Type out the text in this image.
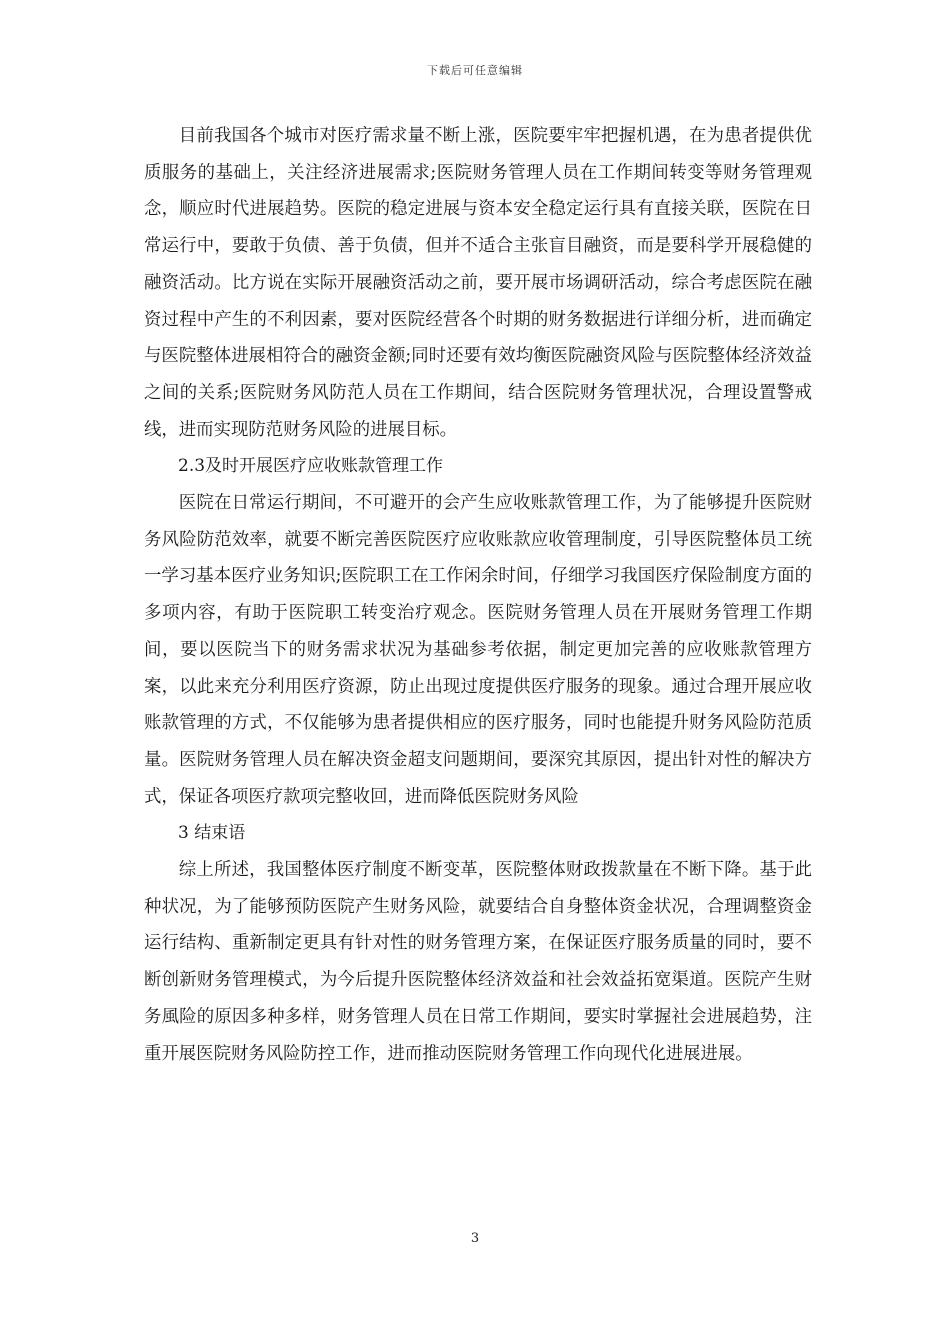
下载后可任意编辑

目前我国各个城市对医疗需求量不断上涨，医院要牢牢把握机遇，在为患者提供优质服务的基础上，关注经济进展需求;医院财务管理人员在工作期间转变等财务管理观念，顺应时代进展趋势。医院的稳定进展与资本安全稳定运行具有直接关联，医院在日常运行中，要敢于负债、善于负债，但并不适合主张盲目融资，而是要科学开展稳健的融资活动。比方说在实际开展融资活动之前，要开展市场调研活动，综合考虑医院在融资过程中产生的不利因素，要对医院经营各个时期的财务数据进行详细分析，进而确定与医院整体进展相符合的融资金额;同时还要有效均衡医院融资风险与医院整体经济效益之间的关系;医院财务风防范人员在工作期间，结合医院财务管理状况，合理设置警戒线，进而实现防范财务风险的进展目标。

2.3及时开展医疗应收账款管理工作

医院在日常运行期间，不可避开的会产生应收账款管理工作，为了能够提升医院财务风险防范效率，就要不断完善医院医疗应收账款应收管理制度，引导医院整体员工统一学习基本医疗业务知识;医院职工在工作闲余时间，仔细学习我国医疗保险制度方面的多项内容，有助于医院职工转变治疗观念。医院财务管理人员在开展财务管理工作期间，要以医院当下的财务需求状况为基础参考依据，制定更加完善的应收账款管理方案，以此来充分利用医疗资源，防止出现过度提供医疗服务的现象。通过合理开展应收账款管理的方式，不仅能够为患者提供相应的医疗服务，同时也能提升财务风险防范质量。医院财务管理人员在解决资金超支问题期间，要深究其原因，提出针对性的解决方式，保证各项医疗款项完整收回，进而降低医院财务风险

3 结束语

综上所述，我国整体医疗制度不断变革，医院整体财政拨款量在不断下降。基于此种状况，为了能够预防医院产生财务风险，就要结合自身整体资金状况，合理调整资金运行结构、重新制定更具有针对性的财务管理方案，在保证医疗服务质量的同时，要不断创新财务管理模式，为今后提升医院整体经济效益和社会效益拓宽渠道。医院产生财务風险的原因多种多样，财务管理人员在日常工作期间，要实时掌握社会进展趋势，注重开展医院财务风险防控工作，进而推动医院财务管理工作向现代化进展进展。

3
